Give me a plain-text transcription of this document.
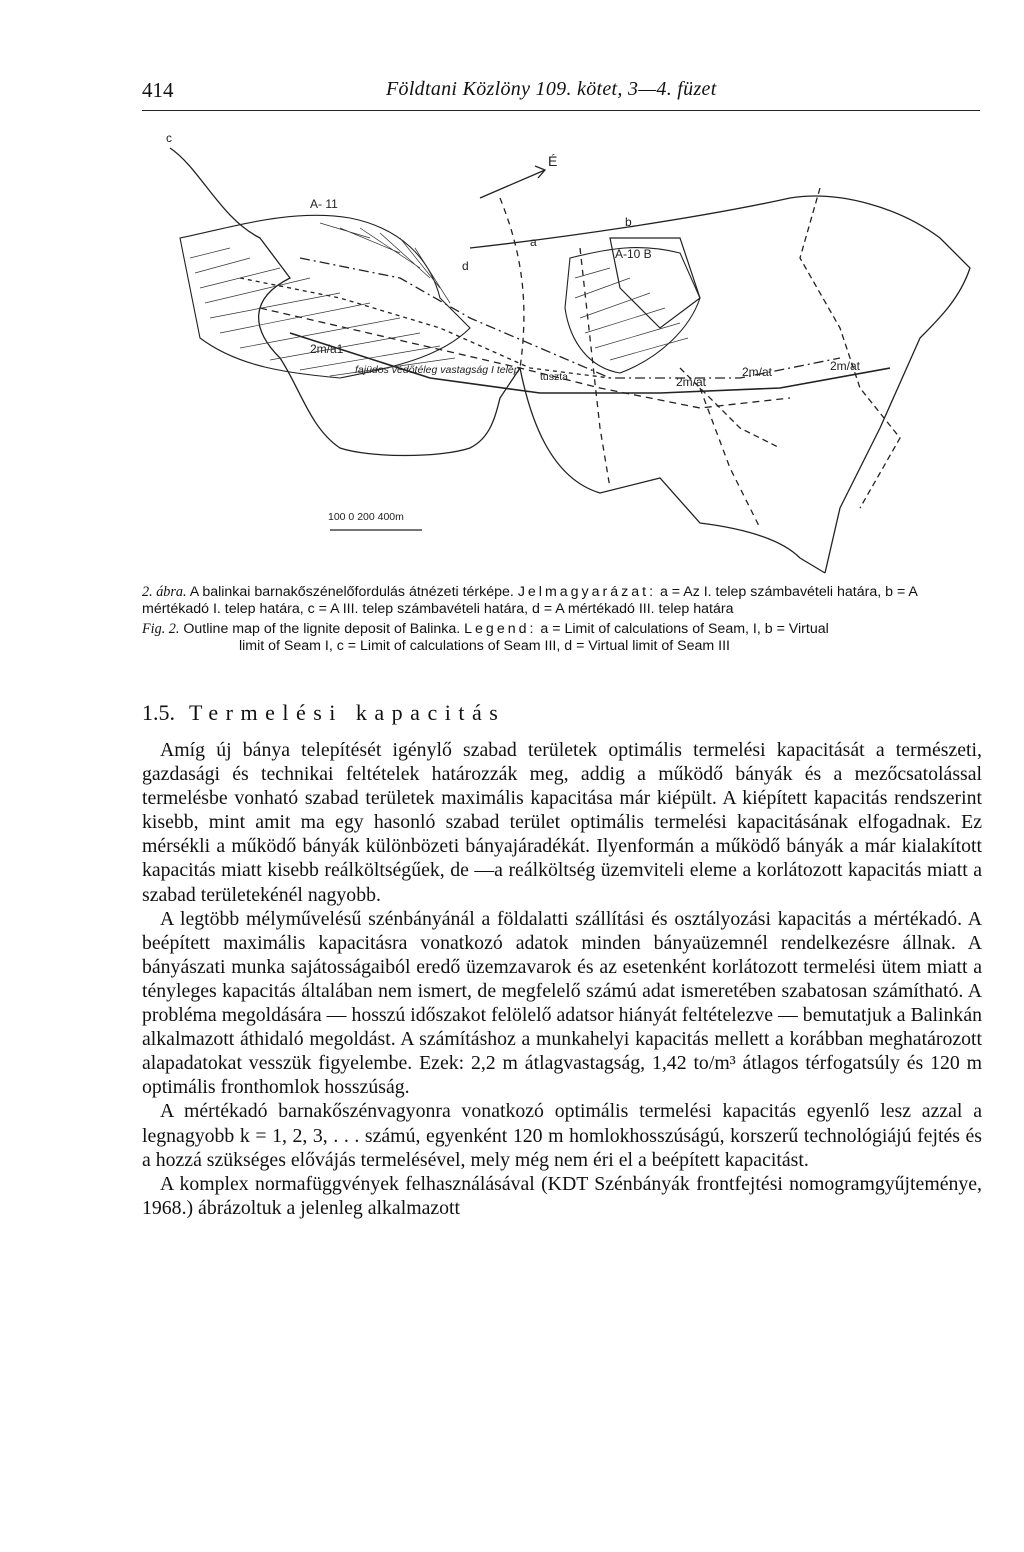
414	Földtani Közlöny 109. kötet, 3—4. füzet
c
A- 11
A-10 B
a
b
d
2m/a1
2m/at
2m/at	2m/at
fajüdos védőtéleg vastagság I telep
tuszta
É
100 0 200 400m
2. ábra. A balinkai barnakőszénelőfordulás átnézeti térképe. Jelmagyarázat: a = Az I. telep számbavételi határa, b = A mértékadó I. telep határa, c = A III. telep számbavételi határa, d = A mértékadó III. telep határa
Fig. 2. Outline map of the lignite deposit of Balinka. Legend: a = Limit of calculations of Seam, I, b = Virtual
limit of Seam I, c = Limit of calculations of Seam III, d = Virtual limit of Seam III
1.5. Termelési kapacitás

Amíg új bánya telepítését igénylő szabad területek optimális termelési kapacitását a természeti, gazdasági és technikai feltételek határozzák meg, addig a működő bányák és a mezőcsatolással termelésbe vonható szabad területek maximális kapacitása már kiépült. A kiépített kapacitás rendszerint kisebb, mint amit ma egy hasonló szabad terület optimális termelési kapacitásának elfogadnak. Ez mérsékli a működő bányák különbözeti bányajáradékát. Ilyenformán a működő bányák a már kialakított kapacitás miatt kisebb reálköltségűek, de —a reálköltség üzemviteli eleme a korlátozott kapacitás miatt a szabad területekénél nagyobb.

A legtöbb mélyművelésű szénbányánál a földalatti szállítási és osztályozási kapacitás a mértékadó. A beépített maximális kapacitásra vonatkozó adatok minden bányaüzemnél rendelkezésre állnak. A bányászati munka sajátosságaiból eredő üzemzavarok és az esetenként korlátozott termelési ütem miatt a tényleges kapacitás általában nem ismert, de megfelelő számú adat ismeretében szabatosan számítható. A probléma megoldására — hosszú időszakot felölelő adatsor hiányát feltételezve — bemutatjuk a Balinkán alkalmazott áthidaló megoldást. A számításhoz a munkahelyi kapacitás mellett a korábban meghatározott alapadatokat vesszük figyelembe. Ezek: 2,2 m átlagvastagság, 1,42 to/m³ átlagos térfogatsúly és 120 m optimális fronthomlok hosszúság.

A mértékadó barnakőszénvagyonra vonatkozó optimális termelési kapacitás egyenlő lesz azzal a legnagyobb k = 1, 2, 3, . . . számú, egyenként 120 m homlokhosszúságú, korszerű technológiájú fejtés és a hozzá szükséges elővájás termelésével, mely még nem éri el a beépített kapacitást.

A komplex normafüggvények felhasználásával (KDT Szénbányák frontfejtési nomogramgyűjteménye, 1968.) ábrázoltuk a jelenleg alkalmazott
